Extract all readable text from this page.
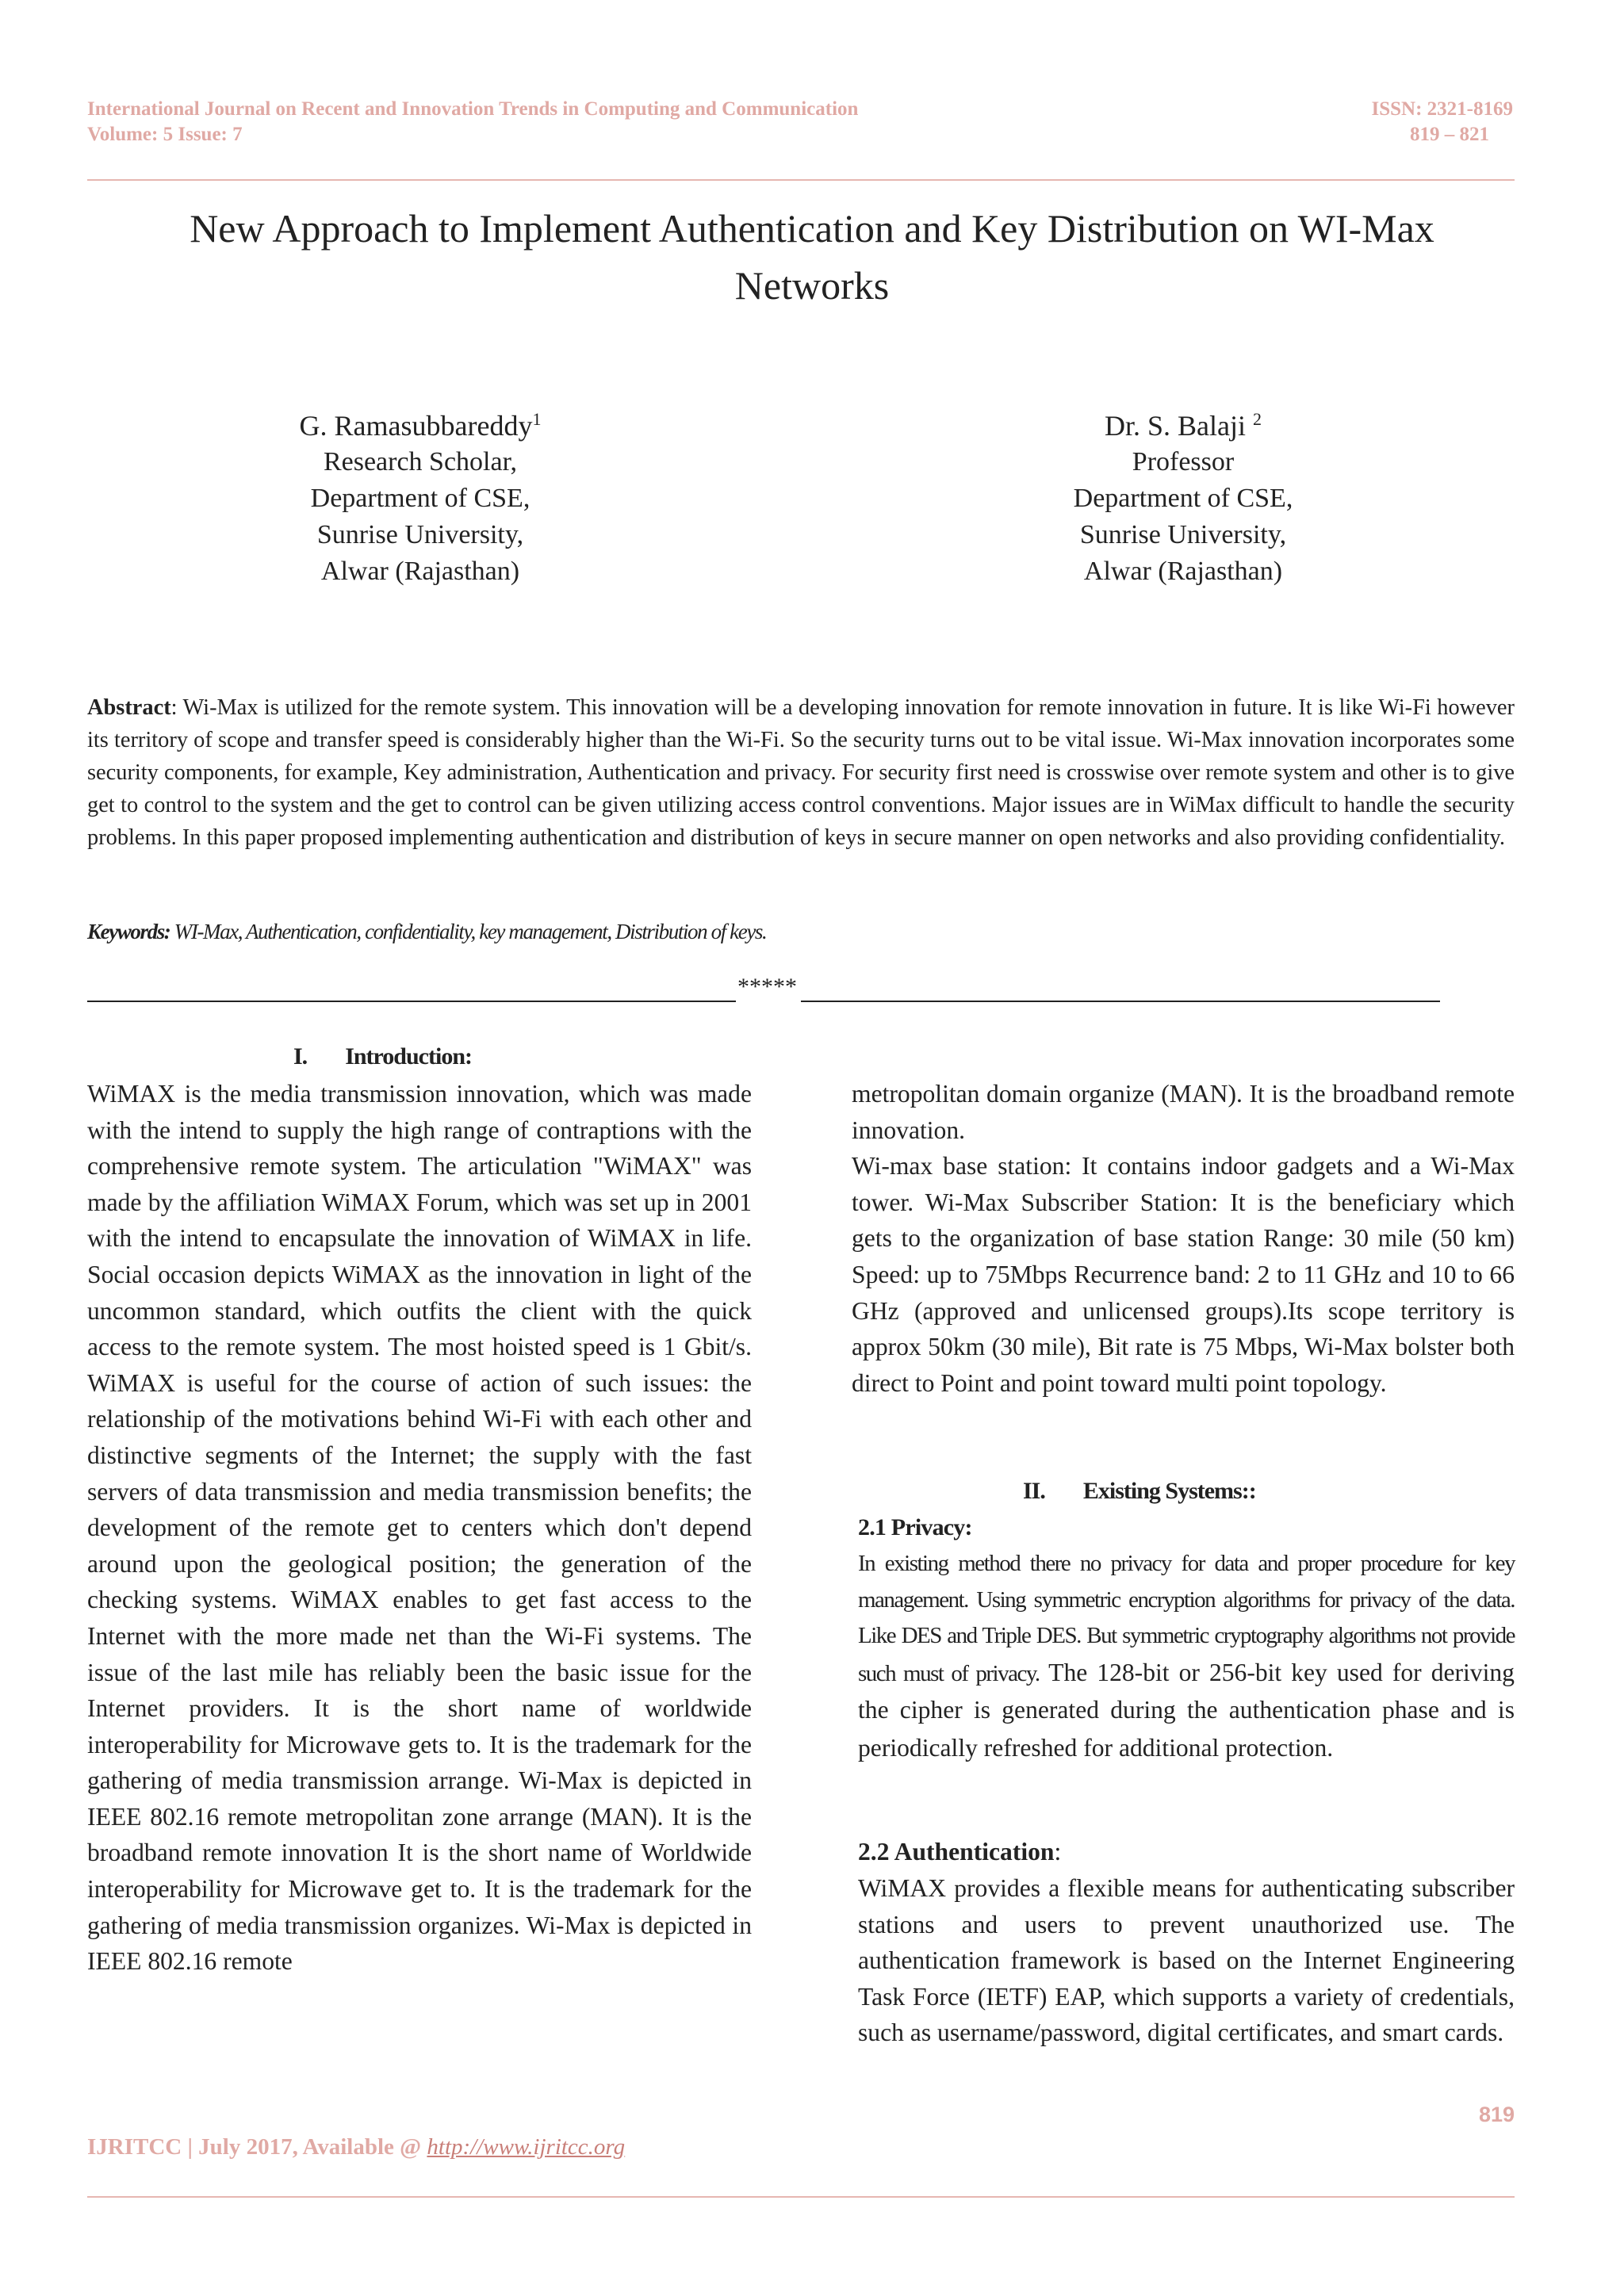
International Journal on Recent and Innovation Trends in Computing and Communication	ISSN: 2321-8169
Volume: 5 Issue: 7	819 – 821
New Approach to Implement Authentication and Key Distribution on WI-Max
Networks
G. Ramasubbareddy$^1$
Research Scholar,
Department of CSE,
Sunrise University,
Alwar (Rajasthan)
Dr. S. Balaji $^2$
Professor
Department of CSE,
Sunrise University,
Alwar (Rajasthan)
Abstract: Wi-Max is utilized for the remote system. This innovation will be a developing innovation for remote innovation in future. It is like Wi-Fi however its territory of scope and transfer speed is considerably higher than the Wi-Fi. So the security turns out to be vital issue. Wi-Max innovation incorporates some security components, for example, Key administration, Authentication and privacy. For security first need is crosswise over remote system and other is to give get to control to the system and the get to control can be given utilizing access control conventions. Major issues are in WiMax difficult to handle the security problems. In this paper proposed implementing authentication and distribution of keys in secure manner on open networks and also providing confidentiality.
Keywords: WI-Max, Authentication, confidentiality, key management, Distribution of keys.
*****
I. Introduction:

WiMAX is the media transmission innovation, which was made with the intend to supply the high range of contraptions with the comprehensive remote system. The articulation "WiMAX" was made by the affiliation WiMAX Forum, which was set up in 2001 with the intend to encapsulate the innovation of WiMAX in life. Social occasion depicts WiMAX as the innovation in light of the uncommon standard, which outfits the client with the quick access to the remote system. The most hoisted speed is 1 Gbit/s. WiMAX is useful for the course of action of such issues: the relationship of the motivations behind Wi-Fi with each other and distinctive segments of the Internet; the supply with the fast servers of data transmission and media transmission benefits; the development of the remote get to centers which don't depend around upon the geological position; the generation of the checking systems. WiMAX enables to get fast access to the Internet with the more made net than the Wi-Fi systems. The issue of the last mile has reliably been the basic issue for the Internet providers. It is the short name of worldwide interoperability for Microwave gets to. It is the trademark for the gathering of media transmission arrange. Wi-Max is depicted in IEEE 802.16 remote metropolitan zone arrange (MAN). It is the broadband remote innovation It is the short name of Worldwide interoperability for Microwave get to. It is the trademark for the gathering of media transmission organizes. Wi-Max is depicted in IEEE 802.16 remote

metropolitan domain organize (MAN). It is the broadband remote innovation.

Wi-max base station: It contains indoor gadgets and a Wi-Max tower. Wi-Max Subscriber Station: It is the beneficiary which gets to the organization of base station Range: 30 mile (50 km) Speed: up to 75Mbps Recurrence band: 2 to 11 GHz and 10 to 66 GHz (approved and unlicensed groups).Its scope territory is approx 50km (30 mile), Bit rate is 75 Mbps, Wi-Max bolster both direct to Point and point toward multi point topology.

II. Existing Systems::
2.1 Privacy:
In existing method there no privacy for data and proper procedure for key management. Using symmetric encryption algorithms for privacy of the data. Like DES and Triple DES. But symmetric cryptography algorithms not provide such must of privacy. The 128-bit or 256-bit key used for deriving the cipher is generated during the authentication phase and is periodically refreshed for additional protection.
2.2 Authentication:

WiMAX provides a flexible means for authenticating subscriber stations and users to prevent unauthorized use. The authentication framework is based on the Internet Engineering Task Force (IETF) EAP, which supports a variety of credentials, such as username/password, digital certificates, and smart cards.

819
IJRITCC | July 2017, Available @ http://www.ijritcc.org
